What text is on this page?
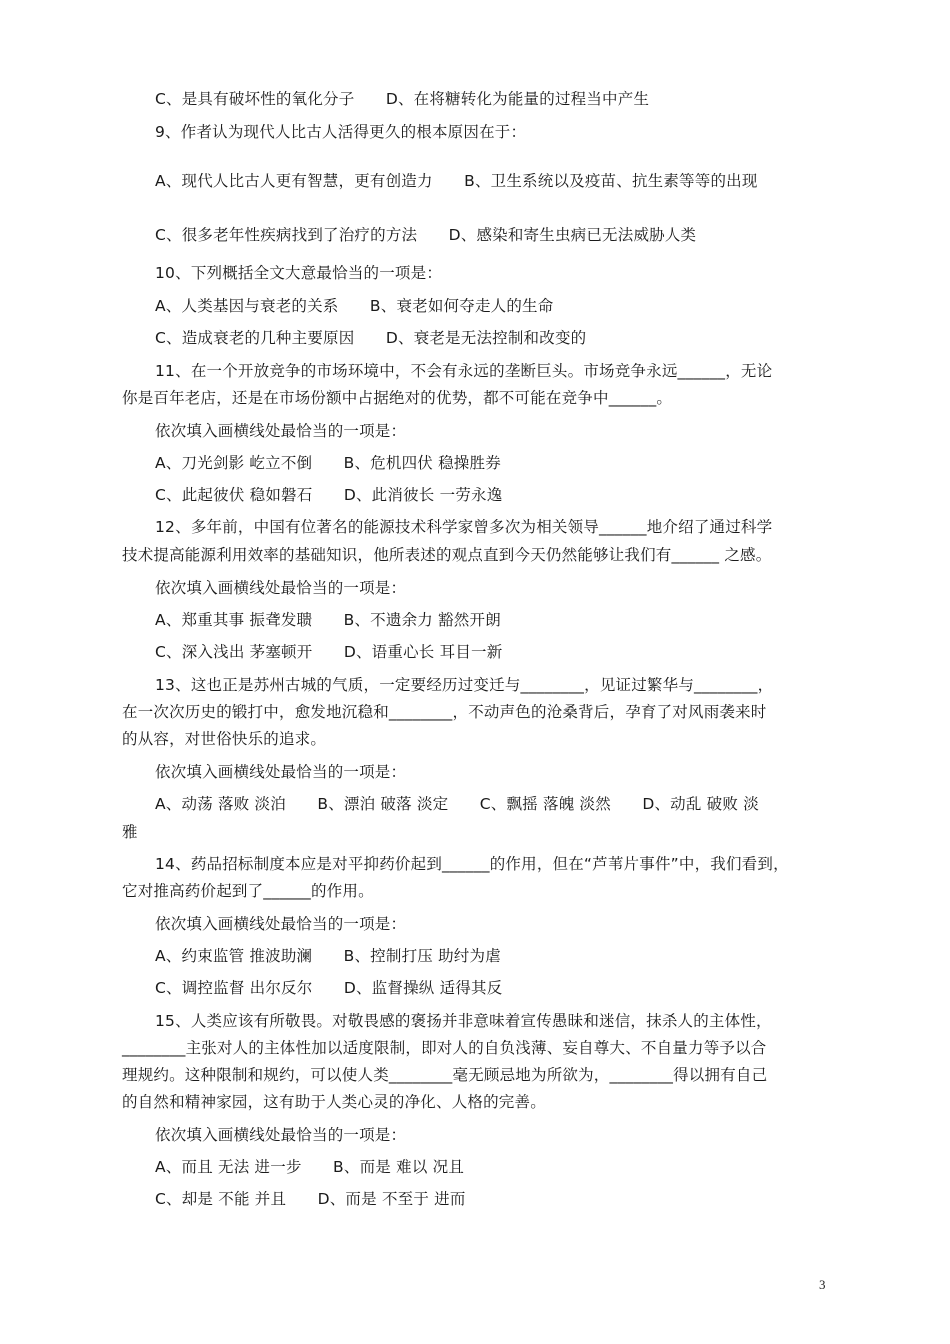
C、是具有破坏性的氧化分子　　D、在将糖转化为能量的过程当中产生
9、作者认为现代人比古人活得更久的根本原因在于：
A、现代人比古人更有智慧，更有创造力　　B、卫生系统以及疫苗、抗生素等等的出现
C、很多老年性疾病找到了治疗的方法　　D、感染和寄生虫病已无法威胁人类
10、下列概括全文大意最恰当的一项是：
A、人类基因与衰老的关系　　B、衰老如何夺走人的生命
C、造成衰老的几种主要原因　　D、衰老是无法控制和改变的
11、在一个开放竞争的市场环境中，不会有永远的垄断巨头。市场竞争永远______，无论
你是百年老店，还是在市场份额中占据绝对的优势，都不可能在竞争中______。
依次填入画横线处最恰当的一项是：
A、刀光剑影 屹立不倒　　B、危机四伏 稳操胜券
C、此起彼伏 稳如磐石　　D、此消彼长 一劳永逸
12、多年前，中国有位著名的能源技术科学家曾多次为相关领导______地介绍了通过科学
技术提高能源利用效率的基础知识，他所表述的观点直到今天仍然能够让我们有______ 之感。
依次填入画横线处最恰当的一项是：
A、郑重其事 振聋发聩　　B、不遗余力 豁然开朗
C、深入浅出 茅塞顿开　　D、语重心长 耳目一新
13、这也正是苏州古城的气质，一定要经历过变迁与________，见证过繁华与________，
在一次次历史的锻打中，愈发地沉稳和________，不动声色的沧桑背后，孕育了对风雨袭来时
的从容，对世俗快乐的追求。
依次填入画横线处最恰当的一项是：
A、动荡 落败 淡泊　　B、漂泊 破落 淡定　　C、飘摇 落魄 淡然　　D、动乱 破败 淡
雅
14、药品招标制度本应是对平抑药价起到______的作用，但在“芦苇片事件”中，我们看到，
它对推高药价起到了______的作用。
依次填入画横线处最恰当的一项是：
A、约束监管 推波助澜　　B、控制打压 助纣为虐
C、调控监督 出尔反尔　　D、监督操纵 适得其反
15、人类应该有所敬畏。对敬畏感的褒扬并非意味着宣传愚昧和迷信，抹杀人的主体性，
________主张对人的主体性加以适度限制，即对人的自负浅薄、妄自尊大、不自量力等予以合
理规约。这种限制和规约，可以使人类________毫无顾忌地为所欲为，________得以拥有自己
的自然和精神家园，这有助于人类心灵的净化、人格的完善。
依次填入画横线处最恰当的一项是：
A、而且 无法 进一步　　B、而是 难以 况且
C、却是 不能 并且　　D、而是 不至于 进而
3
